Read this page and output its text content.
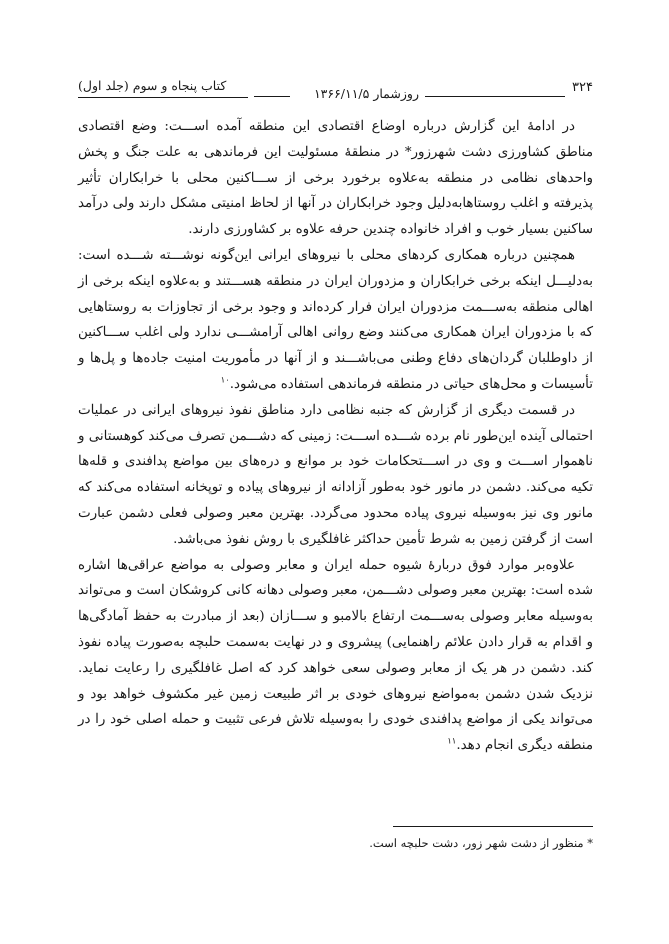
۳۲۴
روزشمار ۱۳۶۶/۱۱/۵
کتاب پنجاه و سوم (جلد اول)

در ادامهٔ این گزارش درباره اوضاع اقتصادی این منطقه آمده اســـت: وضع اقتصادی مناطق کشاورزی دشت شهرزور* در منطقهٔ مسئولیت این فرماندهی به علت جنگ و پخش واحدهای نظامی در منطقه به‌علاوه برخورد برخی از ســـاکنین محلی با خرابکاران تأثیر پذیرفته و اغلب روستاهابه‌دلیل وجود خرابکاران در آنها از لحاظ امنیتی مشکل دارند ولی درآمد ساکنین بسیار خوب و افراد خانواده چندین حرفه علاوه بر کشاورزی دارند.

همچنین درباره همکاری کردهای محلی با نیروهای ایرانی این‌گونه نوشـــته شـــده است: به‌دلیـــل اینکه برخی خرابکاران و مزدوران ایران در منطقه هســـتند و به‌علاوه اینکه برخی از اهالی منطقه به‌ســـمت مزدوران ایران فرار کرده‌اند و وجود برخی از تجاوزات به روستاهایی که با مزدوران ایران همکاری می‌کنند وضع روانی اهالی آرامشـــی ندارد ولی اغلب ســـاکنین از داوطلبان گردان‌های دفاع وطنی می‌باشـــند و از آنها در مأموریت امنیت جاده‌ها و پل‌ها و تأسیسات و محل‌های حیاتی در منطقه فرماندهی استفاده می‌شود.$^{۱۰}$

در قسمت دیگری از گزارش که جنبه نظامی دارد مناطق نفوذ نیروهای ایرانی در عملیات احتمالی آینده این‌طور نام برده شـــده اســـت: زمینی که دشـــمن تصرف می‌کند کوهستانی و ناهموار اســـت و وی در اســـتحکامات خود بر موانع و دره‌های بین مواضع پدافندی و قله‌ها تکیه می‌کند. دشمن در مانور خود به‌طور آزادانه از نیروهای پیاده و توپخانه استفاده می‌کند که مانور وی نیز به‌وسیله نیروی پیاده محدود می‌گردد. بهترین معبر وصولی فعلی دشمن عبارت است از گرفتن زمین به شرط تأمین حداکثر غافلگیری با روش نفوذ می‌باشد.

علاوه‌بر موارد فوق دربارهٔ شیوه حمله ایران و معابر وصولی به مواضع عراقی‌ها اشاره شده است: بهترین معبر وصولی دشـــمن، معبر وصولی دهانه کانی کروشکان است و می‌تواند به‌وسیله معابر وصولی به‌ســـمت ارتفاع بالامبو و ســـازان (بعد از مبادرت به حفظ آمادگی‌ها و اقدام به قرار دادن علائم راهنمایی) پیشروی و در نهایت به‌سمت حلبچه به‌صورت پیاده نفوذ کند. دشمن در هر یک از معابر وصولی سعی خواهد کرد که اصل غافلگیری را رعایت نماید. نزدیک شدن دشمن به‌مواضع نیروهای خودی بر اثر طبیعت زمین غیر مکشوف خواهد بود و می‌تواند یکی از مواضع پدافندی خودی را به‌وسیله تلاش فرعی تثبیت و حمله اصلی خود را در منطقه دیگری انجام دهد.$^{۱۱}$

* منظور از دشت شهر زور، دشت حلبچه است.
